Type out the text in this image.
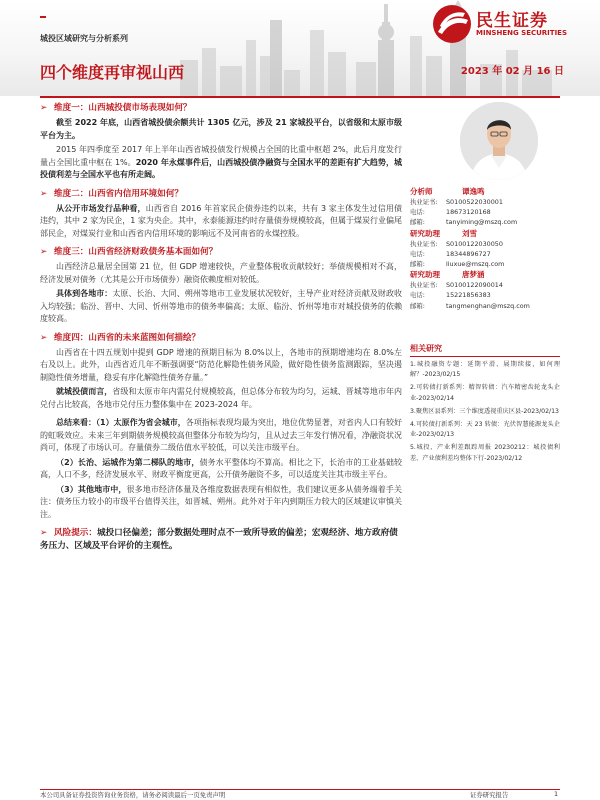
城投区域研究与分析系列
四个维度再审视山西	2023 年 02 月 16 日
民生证券
MINSHENG SECURITIES
➢ 维度一：山西城投债市场表现如何？

截至 2022 年底，山西省城投债余额共计 1305 亿元，涉及 21 家城投平台，以省级和太原市级平台为主。

2015 年四季度至 2017 年上半年山西省城投债发行规模占全国的比重中枢超 2%，此后月度发行量占全国比重中枢在 1%。2020 年永煤事件后，山西城投债净融资与全国水平的差距有扩大趋势，城投债利差与全国水平也有所走阔。

➢ 维度二：山西省内信用环境如何？

从公开市场发行品种看，山西省自 2016 年首家民企债券违约以来，共有 3 家主体发生过信用债违约，其中 2 家为民企，1 家为央企。其中，永泰能源违约时存量债券规模较高，但属于煤炭行业偏尾部民企，对煤炭行业和山西省内信用环境的影响远不及河南省的永煤控股。

➢ 维度三：山西省经济财政债务基本面如何？

山西经济总量居全国第 21 位，但 GDP 增速较快，产业整体税收贡献较好；举债规模相对不高，经济发展对债务（尤其是公开市场债券）融资依赖度相对较低。

具体到各地市：太原、长治、大同、朔州等地市工业发展状况较好，主导产业对经济贡献及财政收入均较强；临汾、晋中、大同、忻州等地市的债务率偏高；太原、临汾、忻州等地市对城投债务的依赖度较高。

➢ 维度四：山西省的未来蓝图如何描绘？

山西省在十四五规划中提到 GDP 增速的预期目标为 8.0%以上，各地市的预期增速均在 8.0%左右及以上。此外，山西省近几年不断强调要“防范化解隐性债务风险，做好隐性债务监测跟踪，坚决遏制隐性债务增量，稳妥有序化解隐性债务存量。”

就城投债而言，省级和太原市年内需兑付规模较高，但总体分布较为均匀，运城、晋城等地市年内兑付占比较高，各地市兑付压力整体集中在 2023-2024 年。

总结来看：（1）太原作为省会城市，各项指标表现均最为突出，地位优势显著，对省内人口有较好的虹吸效应。未来三年到期债务规模较高但整体分布较为均匀，且从过去三年发行情况看，净融资状况尚可，体现了市场认可。存量债券二级估值水平较低，可以关注市级平台。

（2）长治、运城作为第二梯队的地市，债务水平整体均不算高。相比之下，长治市的工业基础较高，人口不多，经济发展水平、财政平衡度更高，公开债务融资不多，可以适度关注其市级主平台。

（3）其他地市中，很多地市经济体量及各维度数据表现有相似性，我们建议更多从债务端着手关注：债务压力较小的市级平台值得关注，如晋城、朔州。此外对于年内到期压力较大的区域建议审慎关注。

➢ 风险提示：城投口径偏差；部分数据处理时点不一致所导致的偏差；宏观经济、地方政府债务压力、区域及平台评价的主观性。
分析师	谭逸鸣
执业证书: S0100522030001
电话:	18673120168
邮箱:	tanyiming@mszq.com
研究助理	刘雪
执业证书: S0100122030050
电话:	18344896727
邮箱:	liuxue@mszq.com
研究助理	唐梦涵
执业证书: S0100122090014
电话:	15221856383
邮箱:	tangmenghan@mszq.com
相关研究
1.城投融资专题：延期平滑、展期续接，如何理解？-2023/02/15
2.可转债打新系列：精智转债：汽车精密齿轮龙头企业-2023/02/14
3.聚焦区县系列：三个维度透视重庆区县-2023/02/13
4.可转债打新系列：天 23 转债：光伏智慧能源龙头企业-2023/02/13
5.城投、产业利差跟踪周报 20230212：城投债利差、产业债利差均整体下行-2023/02/12
本公司具备证券投资咨询业务资格，请务必阅读最后一页免责声明	证券研究报告	1
